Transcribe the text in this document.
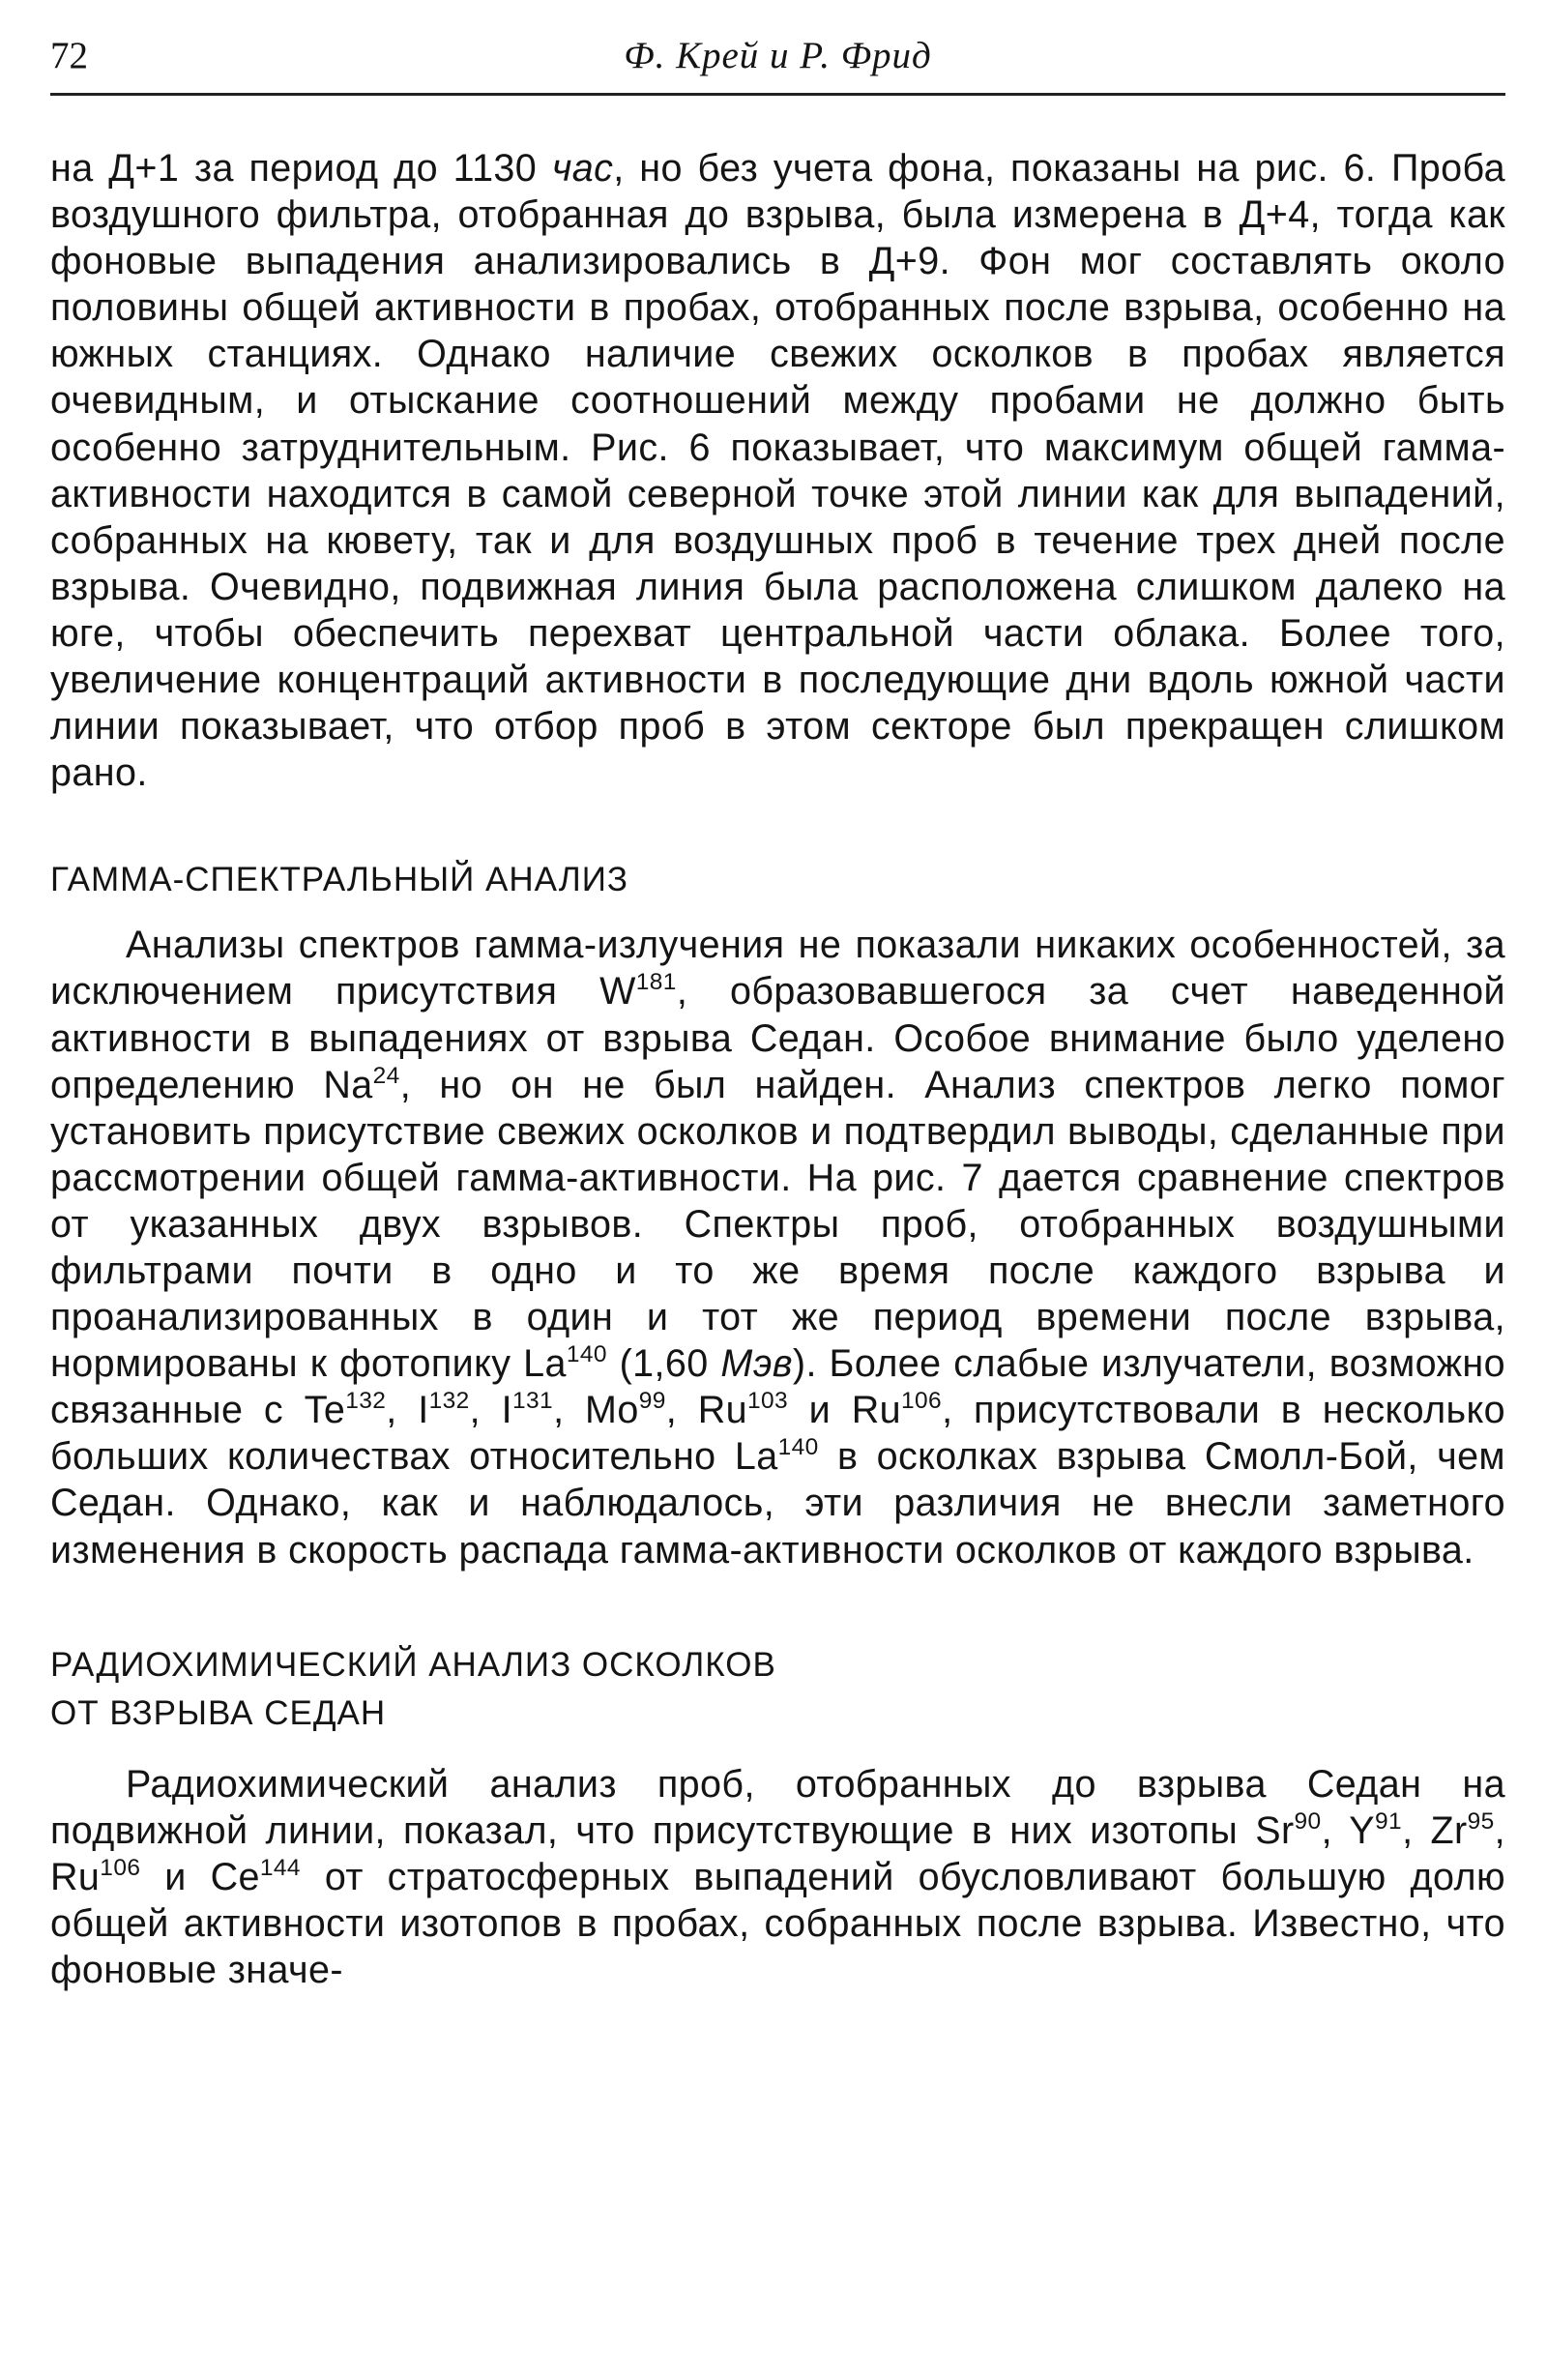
72	Ф. Крей и Р. Фрид

на Д+1 за период до 1130 час, но без учета фона, показаны на рис. 6. Проба воздушного фильтра, отобранная до взрыва, была измерена в Д+4, тогда как фоновые выпадения анализировались в Д+9. Фон мог составлять около половины общей активности в пробах, отобранных после взрыва, особенно на южных станциях. Однако наличие свежих осколков в пробах является очевидным, и отыскание соотношений между пробами не должно быть особенно затруднительным. Рис. 6 показывает, что максимум общей гамма-активности находится в самой северной точке этой линии как для выпадений, собранных на кювету, так и для воздушных проб в течение трех дней после взрыва. Очевидно, подвижная линия была расположена слишком далеко на юге, чтобы обеспечить перехват центральной части облака. Более того, увеличение концентраций активности в последующие дни вдоль южной части линии показывает, что отбор проб в этом секторе был прекращен слишком рано.

ГАММА-СПЕКТРАЛЬНЫЙ АНАЛИЗ

Анализы спектров гамма-излучения не показали никаких особенностей, за исключением присутствия $W^{181}$, образовавшегося за счет наведенной активности в выпадениях от взрыва Седан. Особое внимание было уделено определению Na$^{24}$, но он не был найден. Анализ спектров легко помог установить присутствие свежих осколков и подтвердил выводы, сделанные при рассмотрении общей гамма-активности. На рис. 7 дается сравнение спектров от указанных двух взрывов. Спектры проб, отобранных воздушными фильтрами почти в одно и то же время после каждого взрыва и проанализированных в один и тот же период времени после взрыва, нормированы к фотопику La$^{140}$ (1,60 Мэв). Более слабые излучатели, возможно связанные с Te$^{132}$, $I^{132}$, $I^{131}$, Mo$^{99}$, Ru$^{103}$ и Ru$^{106}$, присутствовали в несколько больших количествах относительно La$^{140}$ в осколках взрыва Смолл-Бой, чем Седан. Однако, как и наблюдалось, эти различия не внесли заметного изменения в скорость распада гамма-активности осколков от каждого взрыва.

РАДИОХИМИЧЕСКИЙ АНАЛИЗ ОСКОЛКОВ
ОТ ВЗРЫВА СЕДАН

Радиохимический анализ проб, отобранных до взрыва Седан на подвижной линии, показал, что присутствующие в них изотопы Sr$^{90}$, $Y^{91}$, Zr$^{95}$, Ru$^{106}$ и Ce$^{144}$ от стратосферных выпадений обусловливают большую долю общей активности изотопов в пробах, собранных после взрыва. Известно, что фоновые значе-
